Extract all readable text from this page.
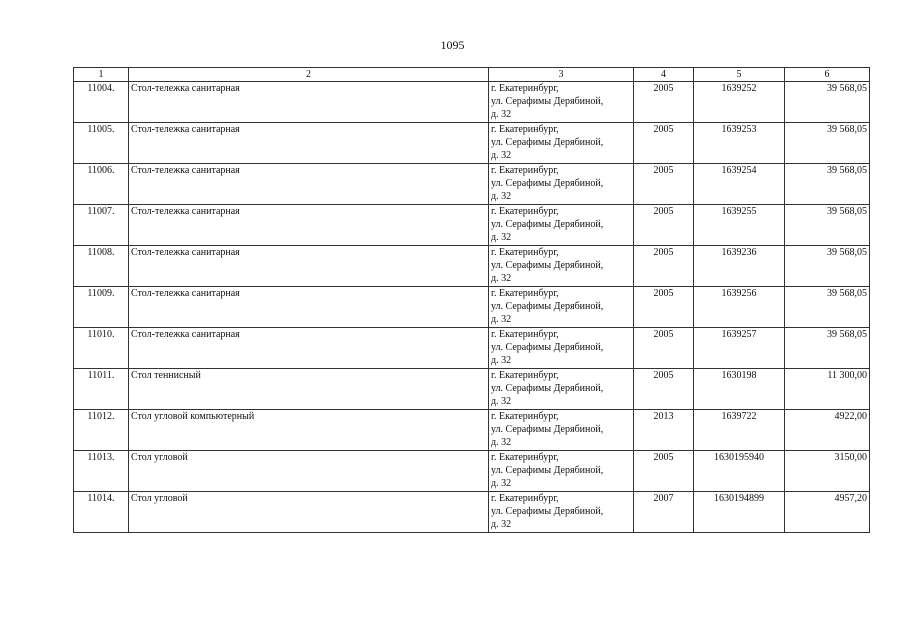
1095
1	2	3	4	5	6
11004.	Стол-тележка санитарная	г. Екатеринбург,
ул. Серафимы Дерябиной,
д. 32	2005	1639252	39 568,05
11005.	Стол-тележка санитарная	г. Екатеринбург,
ул. Серафимы Дерябиной,
д. 32	2005	1639253	39 568,05
11006.	Стол-тележка санитарная	г. Екатеринбург,
ул. Серафимы Дерябиной,
д. 32	2005	1639254	39 568,05
11007.	Стол-тележка санитарная	г. Екатеринбург,
ул. Серафимы Дерябиной,
д. 32	2005	1639255	39 568,05
11008.	Стол-тележка санитарная	г. Екатеринбург,
ул. Серафимы Дерябиной,
д. 32	2005	1639236	39 568,05
11009.	Стол-тележка санитарная	г. Екатеринбург,
ул. Серафимы Дерябиной,
д. 32	2005	1639256	39 568,05
11010.	Стол-тележка санитарная	г. Екатеринбург,
ул. Серафимы Дерябиной,
д. 32	2005	1639257	39 568,05
11011.	Стол теннисный	г. Екатеринбург,
ул. Серафимы Дерябиной,
д. 32	2005	1630198	11 300,00
11012.	Стол угловой компьютерный	г. Екатеринбург,
ул. Серафимы Дерябиной,
д. 32	2013	1639722	4922,00
11013.	Стол угловой	г. Екатеринбург,
ул. Серафимы Дерябиной,
д. 32	2005	1630195940	3150,00
11014.	Стол угловой	г. Екатеринбург,
ул. Серафимы Дерябиной,
д. 32	2007	1630194899	4957,20
